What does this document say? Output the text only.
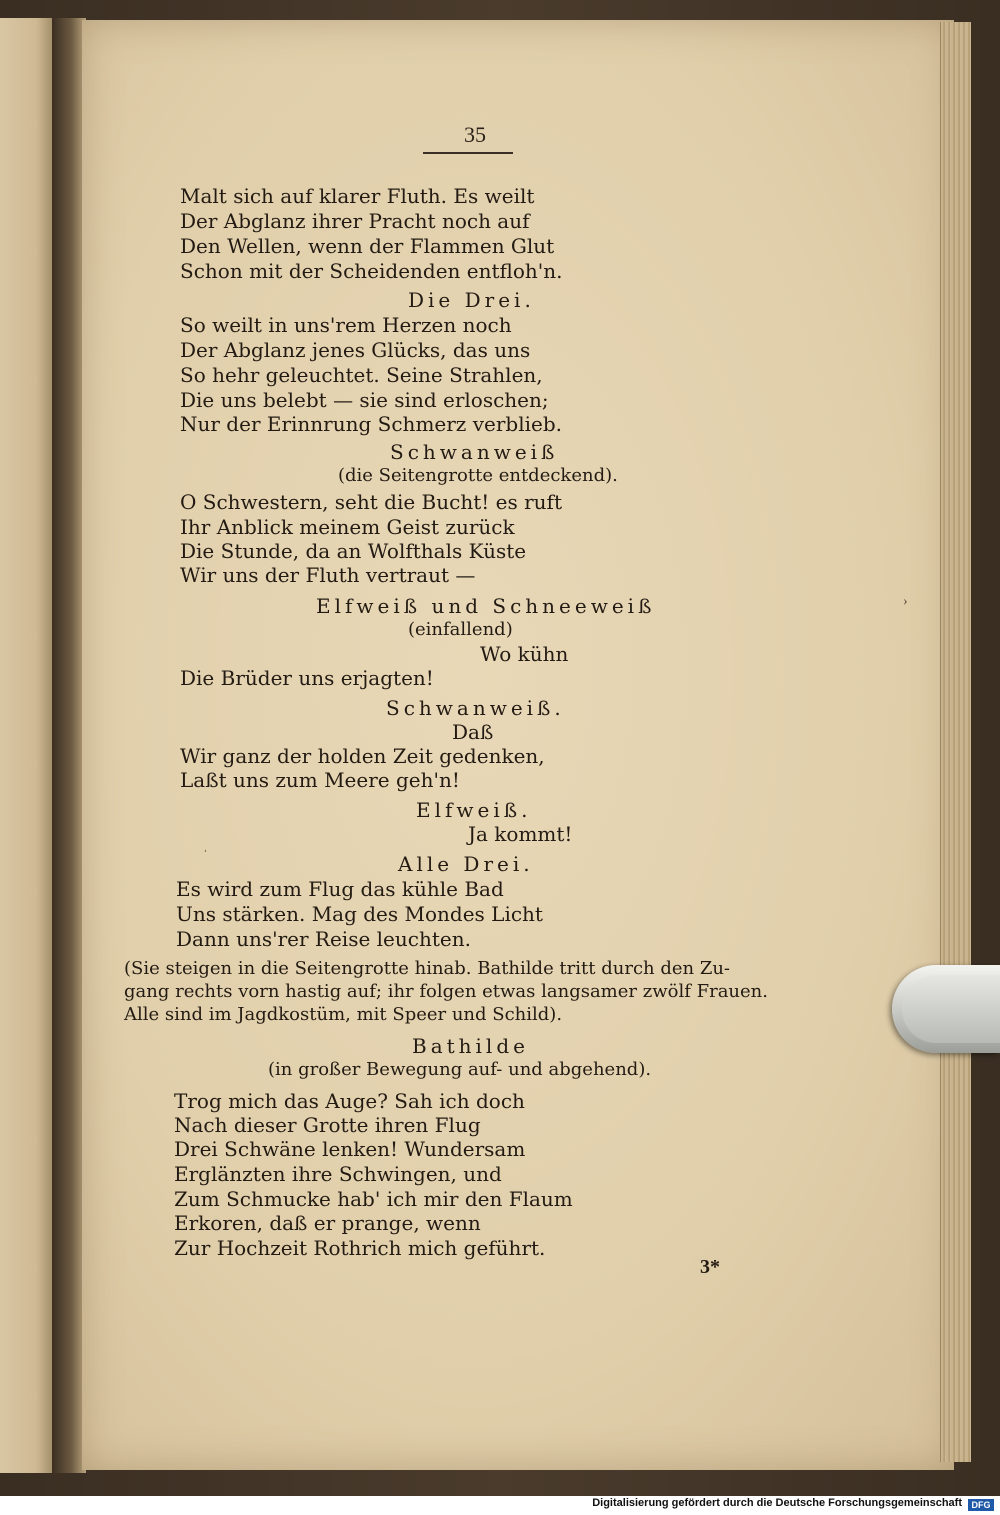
35
Malt sich auf klarer Fluth. Es weilt
Der Abglanz ihrer Pracht noch auf
Den Wellen, wenn der Flammen Glut
Schon mit der Scheidenden entfloh'n.
Die Drei.
So weilt in uns'rem Herzen noch
Der Abglanz jenes Glücks, das uns
So hehr geleuchtet. Seine Strahlen,
Die uns belebt — sie sind erloschen;
Nur der Erinnrung Schmerz verblieb.
Schwanweiß
(die Seitengrotte entdeckend).
O Schwestern, seht die Bucht! es ruft
Ihr Anblick meinem Geist zurück
Die Stunde, da an Wolfthals Küste
Wir uns der Fluth vertraut —
Elfweiß und Schneeweiß
(einfallend)
Wo kühn
Die Brüder uns erjagten!
Schwanweiß.
Daß
Wir ganz der holden Zeit gedenken,
Laßt uns zum Meere geh'n!
Elfweiß.
Ja kommt!
Alle Drei.
Es wird zum Flug das kühle Bad
Uns stärken. Mag des Mondes Licht
Dann uns'rer Reise leuchten.
(Sie steigen in die Seitengrotte hinab. Bathilde tritt durch den Zu-
gang rechts vorn hastig auf; ihr folgen etwas langsamer zwölf Frauen.
Alle sind im Jagdkostüm, mit Speer und Schild).
Bathilde
(in großer Bewegung auf- und abgehend).
Trog mich das Auge? Sah ich doch
Nach dieser Grotte ihren Flug
Drei Schwäne lenken! Wundersam
Erglänzten ihre Schwingen, und
Zum Schmucke hab' ich mir den Flaum
Erkoren, daß er prange, wenn
Zur Hochzeit Rothrich mich geführt.
3*
›
ˌ
Digitalisierung gefördert durch die Deutsche Forschungsgemeinschaft	DFG
